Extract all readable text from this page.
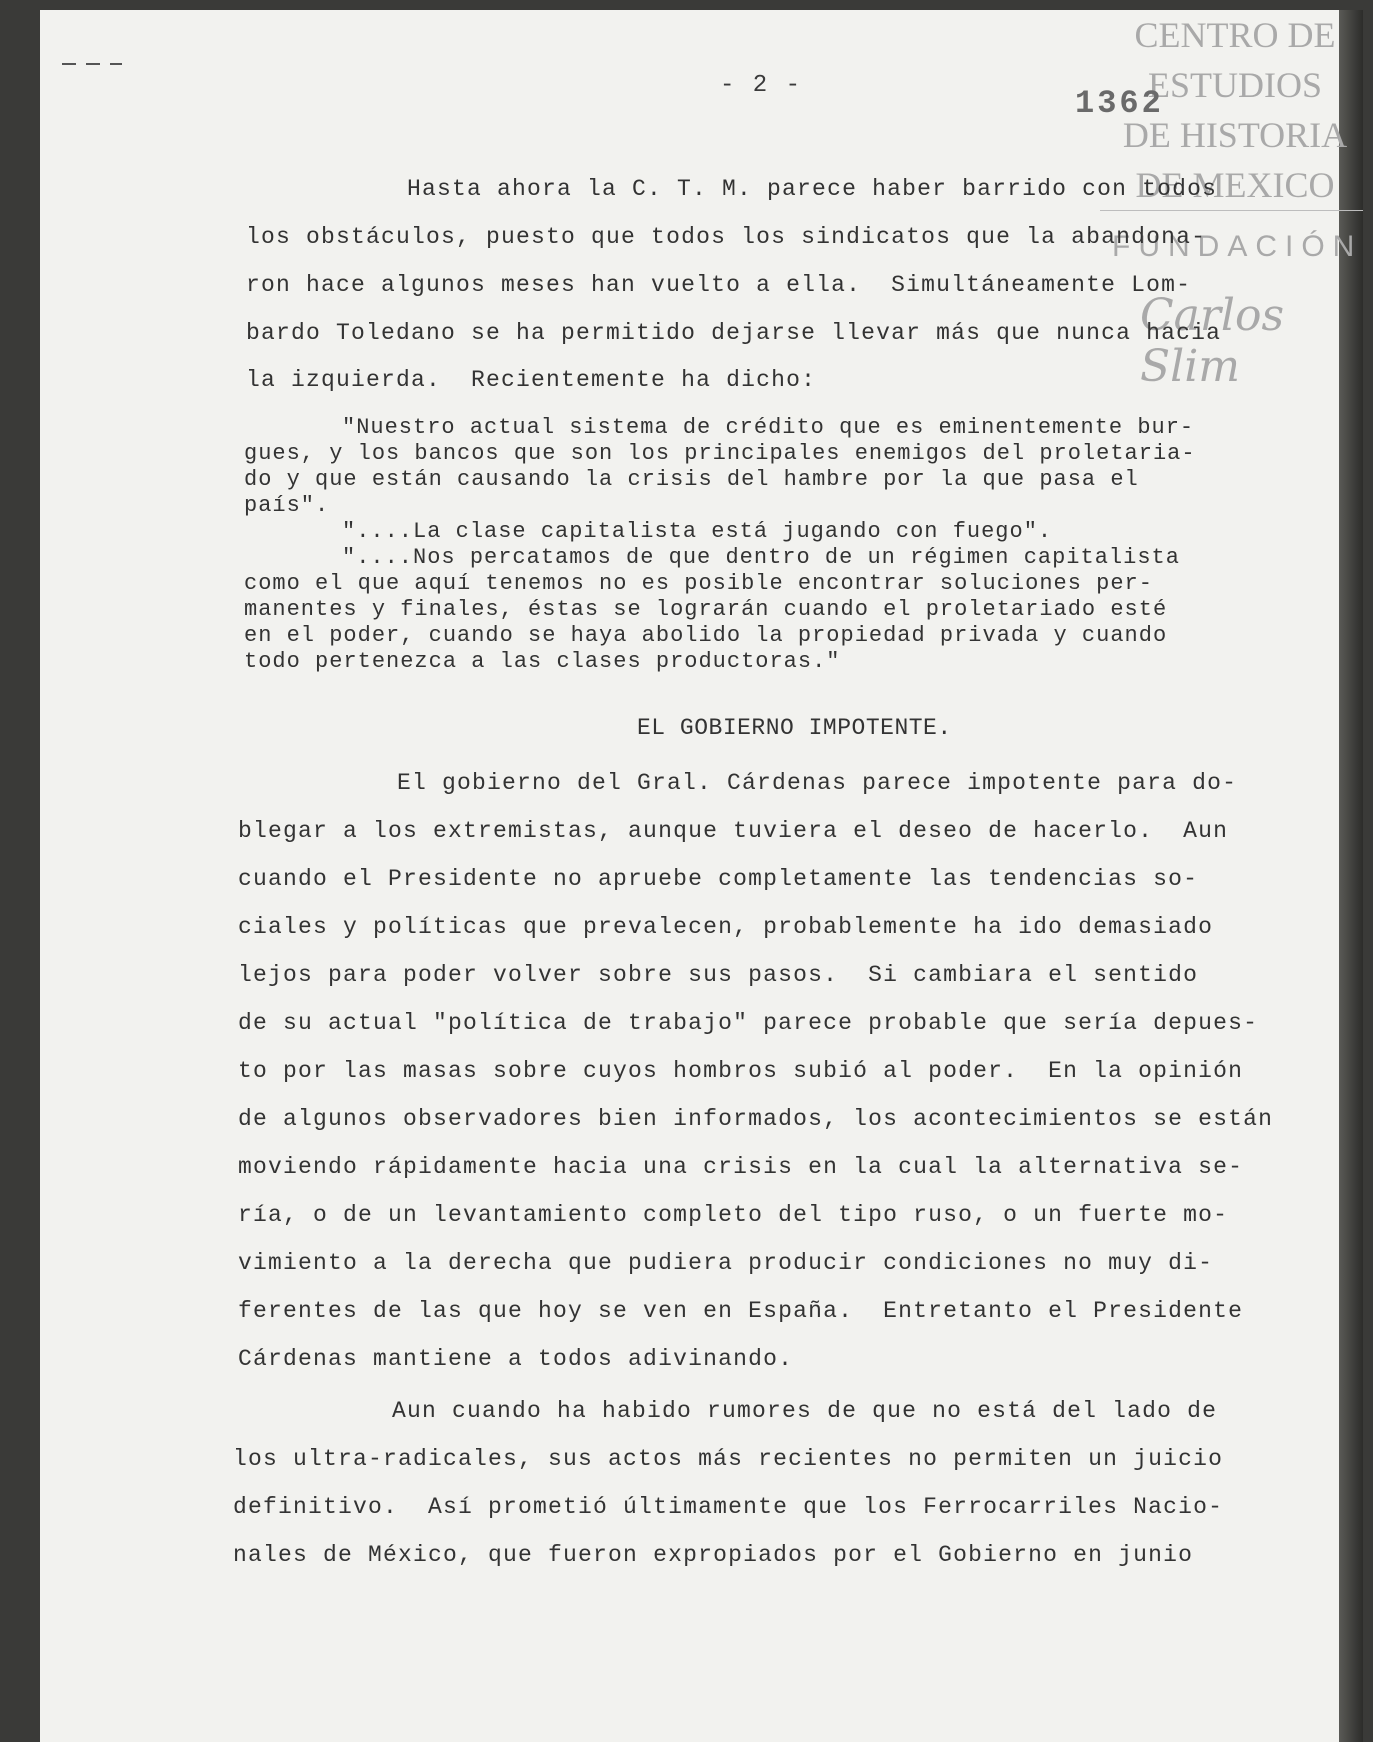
CENTRO DE
ESTUDIOS
DE HISTORIA
DE MEXICO
FUNDACIÓN
Carlos Slim
- 2 -	1362
Hasta ahora la C. T. M. parece haber barrido con todos
los obstáculos, puesto que todos los sindicatos que la abandona-
ron hace algunos meses han vuelto a ella.  Simultáneamente Lom-
bardo Toledano se ha permitido dejarse llevar más que nunca hacia
la izquierda.  Recientemente ha dicho:
"Nuestro actual sistema de crédito que es eminentemente bur-
gues, y los bancos que son los principales enemigos del proletaria-
do y que están causando la crisis del hambre por la que pasa el
país".
"....La clase capitalista está jugando con fuego".
"....Nos percatamos de que dentro de un régimen capitalista
como el que aquí tenemos no es posible encontrar soluciones per-
manentes y finales, éstas se lograrán cuando el proletariado esté
en el poder, cuando se haya abolido la propiedad privada y cuando
todo pertenezca a las clases productoras."
EL GOBIERNO IMPOTENTE.
El gobierno del Gral. Cárdenas parece impotente para do-
blegar a los extremistas, aunque tuviera el deseo de hacerlo.  Aun
cuando el Presidente no apruebe completamente las tendencias so-
ciales y políticas que prevalecen, probablemente ha ido demasiado
lejos para poder volver sobre sus pasos.  Si cambiara el sentido
de su actual "política de trabajo" parece probable que sería depues-
to por las masas sobre cuyos hombros subió al poder.  En la opinión
de algunos observadores bien informados, los acontecimientos se están
moviendo rápidamente hacia una crisis en la cual la alternativa se-
ría, o de un levantamiento completo del tipo ruso, o un fuerte mo-
vimiento a la derecha que pudiera producir condiciones no muy di-
ferentes de las que hoy se ven en España.  Entretanto el Presidente
Cárdenas mantiene a todos adivinando.
Aun cuando ha habido rumores de que no está del lado de
los ultra-radicales, sus actos más recientes no permiten un juicio
definitivo.  Así prometió últimamente que los Ferrocarriles Nacio-
nales de México, que fueron expropiados por el Gobierno en junio
